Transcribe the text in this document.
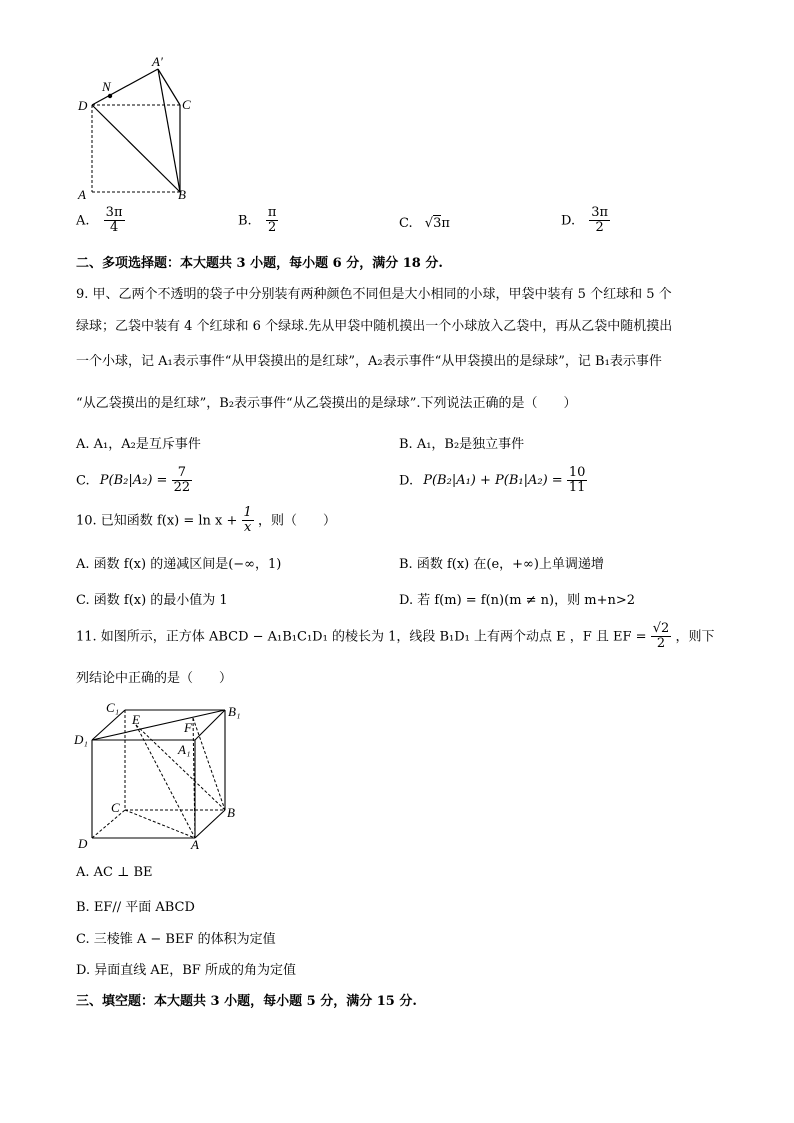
N
A′
D	C
A	B
A. $\frac{3\pi}{4}$	B. $\frac{\pi}{2}$	C. √3π	D. $\frac{3\pi}{2}$
二、多项选择题：本大题共 3 小题，每小题 6 分，满分 18 分.
9. 甲、乙两个不透明的袋子中分别装有两种颜色不同但是大小相同的小球，甲袋中装有 5 个红球和 5 个
绿球；乙袋中装有 4 个红球和 6 个绿球.先从甲袋中随机摸出一个小球放入乙袋中，再从乙袋中随机摸出
一个小球，记 A₁表示事件“从甲袋摸出的是红球”，A₂表示事件“从甲袋摸出的是绿球”，记 B₁表示事件
“从乙袋摸出的是红球”，B₂表示事件“从乙袋摸出的是绿球”.下列说法正确的是（　　）
A. A₁，A₂是互斥事件	B. A₁，B₂是独立事件
C. $P(B_2|A_2) = \frac{7}{22}$	D. $P(B_2|A_1) + P(B_1|A_2) = \frac{10}{11}$
10. 已知函数 $f(x) = \ln x + \frac{1}{x}$ ，则（　　）
A. 函数 f(x) 的递减区间是(−∞，1)	B. 函数 f(x) 在(e，+∞)上单调递增
C. 函数 f(x) 的最小值为 1	D. 若 f(m) = f(n)(m ≠ n)，则 m+n>2
11. 如图所示，正方体 ABCD − A₁B₁C₁D₁ 的棱长为 1，线段 B₁D₁ 上有两个动点 E ，F 且 EF = $\frac{√2}{2}$ ，则下
列结论中正确的是（　　）
C₁
E
B₁
F
D₁
A₁
C	B
D	A
A. AC ⊥ BE
B. EF// 平面 ABCD
C. 三棱锥 A − BEF 的体积为定值
D. 异面直线 AE，BF 所成的角为定值
三、填空题：本大题共 3 小题，每小题 5 分，满分 15 分.
